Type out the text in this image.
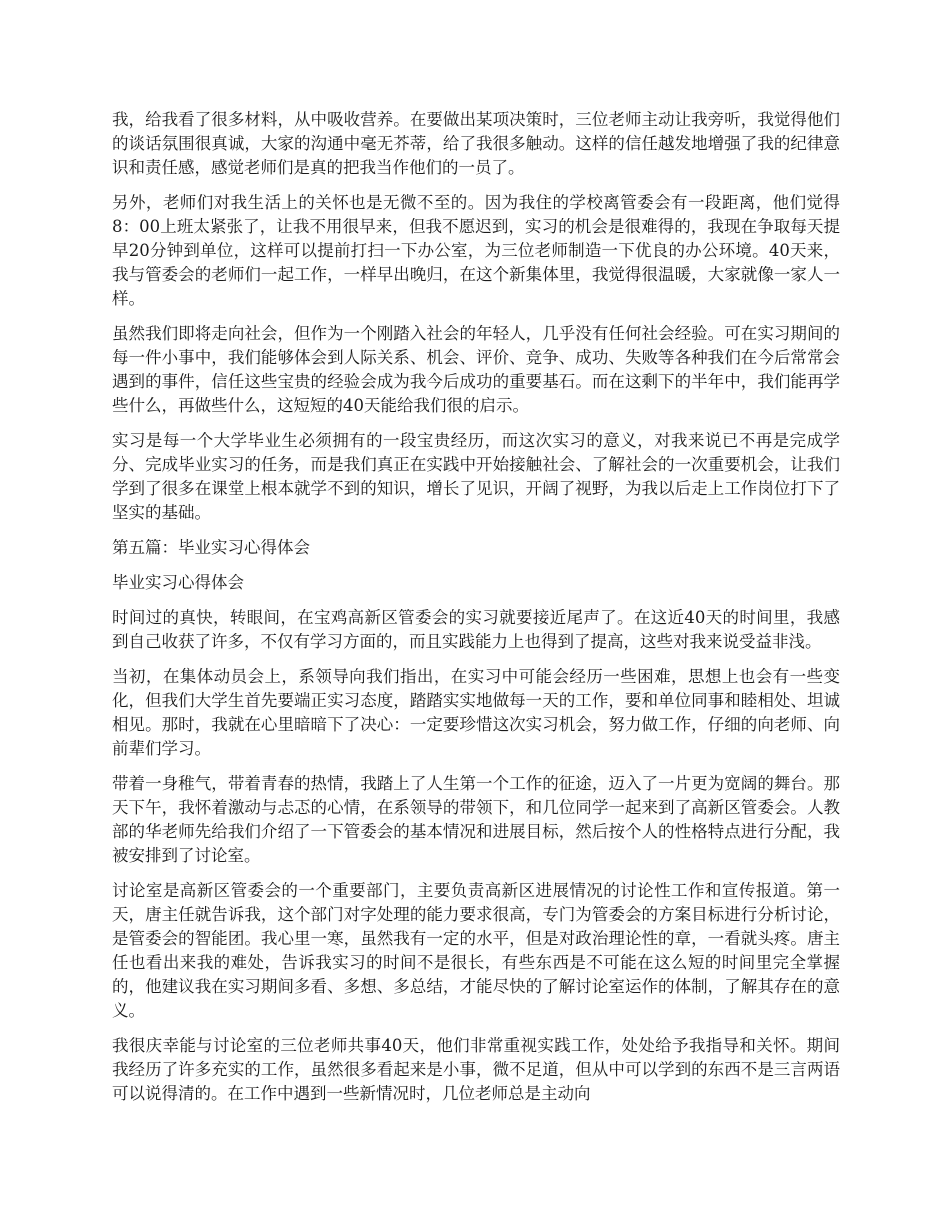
我，给我看了很多材料，从中吸收营养。在要做出某项决策时，三位老师主动让我旁听，我觉得他们的谈话氛围很真诚，大家的沟通中毫无芥蒂，给了我很多触动。这样的信任越发地增强了我的纪律意识和责任感，感觉老师们是真的把我当作他们的一员了。

另外，老师们对我生活上的关怀也是无微不至的。因为我住的学校离管委会有一段距离，他们觉得8：00上班太紧张了，让我不用很早来，但我不愿迟到，实习的机会是很难得的，我现在争取每天提早20分钟到单位，这样可以提前打扫一下办公室，为三位老师制造一下优良的办公环境。40天来，我与管委会的老师们一起工作，一样早出晚归，在这个新集体里，我觉得很温暖，大家就像一家人一样。

虽然我们即将走向社会，但作为一个刚踏入社会的年轻人，几乎没有任何社会经验。可在实习期间的每一件小事中，我们能够体会到人际关系、机会、评价、竞争、成功、失败等各种我们在今后常常会遇到的事件，信任这些宝贵的经验会成为我今后成功的重要基石。而在这剩下的半年中，我们能再学些什么，再做些什么，这短短的40天能给我们很的启示。

实习是每一个大学毕业生必须拥有的一段宝贵经历，而这次实习的意义，对我来说已不再是完成学分、完成毕业实习的任务，而是我们真正在实践中开始接触社会、了解社会的一次重要机会，让我们学到了很多在课堂上根本就学不到的知识，增长了见识，开阔了视野，为我以后走上工作岗位打下了坚实的基础。

第五篇：毕业实习心得体会

毕业实习心得体会

时间过的真快，转眼间，在宝鸡高新区管委会的实习就要接近尾声了。在这近40天的时间里，我感到自己收获了许多，不仅有学习方面的，而且实践能力上也得到了提高，这些对我来说受益非浅。

当初，在集体动员会上，系领导向我们指出，在实习中可能会经历一些困难，思想上也会有一些变化，但我们大学生首先要端正实习态度，踏踏实实地做每一天的工作，要和单位同事和睦相处、坦诚相见。那时，我就在心里暗暗下了决心：一定要珍惜这次实习机会，努力做工作，仔细的向老师、向前辈们学习。

带着一身稚气，带着青春的热情，我踏上了人生第一个工作的征途，迈入了一片更为宽阔的舞台。那天下午，我怀着激动与忐忑的心情，在系领导的带领下，和几位同学一起来到了高新区管委会。人教部的华老师先给我们介绍了一下管委会的基本情况和进展目标，然后按个人的性格特点进行分配，我被安排到了讨论室。

讨论室是高新区管委会的一个重要部门，主要负责高新区进展情况的讨论性工作和宣传报道。第一天，唐主任就告诉我，这个部门对字处理的能力要求很高，专门为管委会的方案目标进行分析讨论，是管委会的智能团。我心里一寒，虽然我有一定的水平，但是对政治理论性的章，一看就头疼。唐主任也看出来我的难处，告诉我实习的时间不是很长，有些东西是不可能在这么短的时间里完全掌握的，他建议我在实习期间多看、多想、多总结，才能尽快的了解讨论室运作的体制，了解其存在的意义。

我很庆幸能与讨论室的三位老师共事40天，他们非常重视实践工作，处处给予我指导和关怀。期间我经历了许多充实的工作，虽然很多看起来是小事，微不足道，但从中可以学到的东西不是三言两语可以说得清的。在工作中遇到一些新情况时，几位老师总是主动向
